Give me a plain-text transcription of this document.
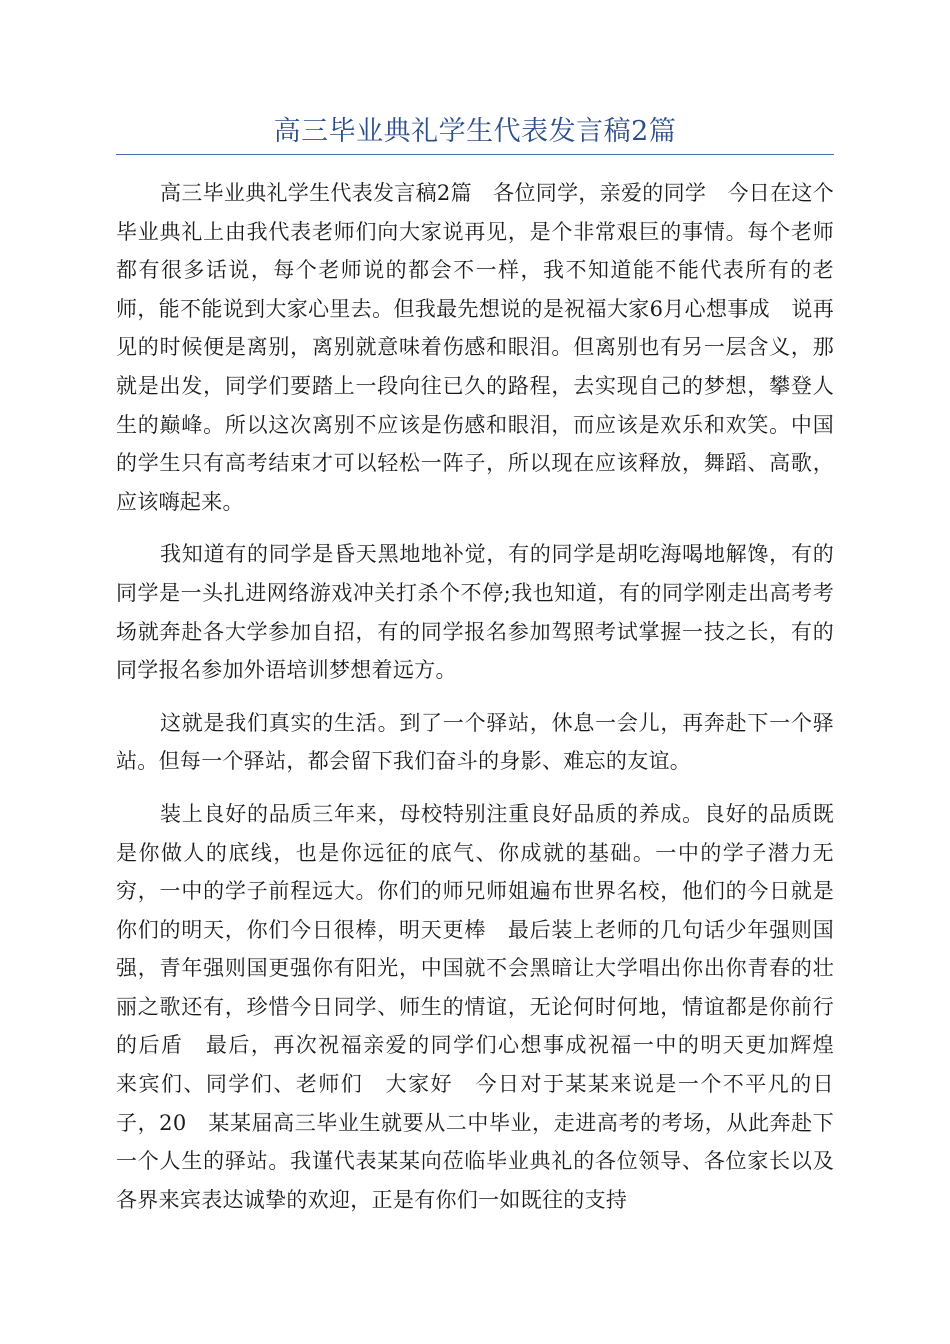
高三毕业典礼学生代表发言稿2篇

高三毕业典礼学生代表发言稿2篇　各位同学，亲爱的同学　今日在这个毕业典礼上由我代表老师们向大家说再见，是个非常艰巨的事情。每个老师都有很多话说，每个老师说的都会不一样，我不知道能不能代表所有的老师，能不能说到大家心里去。但我最先想说的是祝福大家6月心想事成　说再见的时候便是离别，离别就意味着伤感和眼泪。但离别也有另一层含义，那就是出发，同学们要踏上一段向往已久的路程，去实现自己的梦想，攀登人生的巅峰。所以这次离别不应该是伤感和眼泪，而应该是欢乐和欢笑。中国的学生只有高考结束才可以轻松一阵子，所以现在应该释放，舞蹈、高歌，应该嗨起来。

我知道有的同学是昏天黑地地补觉，有的同学是胡吃海喝地解馋，有的同学是一头扎进网络游戏冲关打杀个不停;我也知道，有的同学刚走出高考考场就奔赴各大学参加自招，有的同学报名参加驾照考试掌握一技之长，有的同学报名参加外语培训梦想着远方。

这就是我们真实的生活。到了一个驿站，休息一会儿，再奔赴下一个驿站。但每一个驿站，都会留下我们奋斗的身影、难忘的友谊。

装上良好的品质三年来，母校特别注重良好品质的养成。良好的品质既是你做人的底线，也是你远征的底气、你成就的基础。一中的学子潜力无穷，一中的学子前程远大。你们的师兄师姐遍布世界名校，他们的今日就是你们的明天，你们今日很棒，明天更棒　最后装上老师的几句话少年强则国强，青年强则国更强你有阳光，中国就不会黑暗让大学唱出你出你青春的壮丽之歌还有，珍惜今日同学、师生的情谊，无论何时何地，情谊都是你前行的后盾　最后，再次祝福亲爱的同学们心想事成祝福一中的明天更加辉煌　来宾们、同学们、老师们　大家好　今日对于某某来说是一个不平凡的日子，20　某某届高三毕业生就要从二中毕业，走进高考的考场，从此奔赴下一个人生的驿站。我谨代表某某向莅临毕业典礼的各位领导、各位家长以及各界来宾表达诚挚的欢迎，正是有你们一如既往的支持
